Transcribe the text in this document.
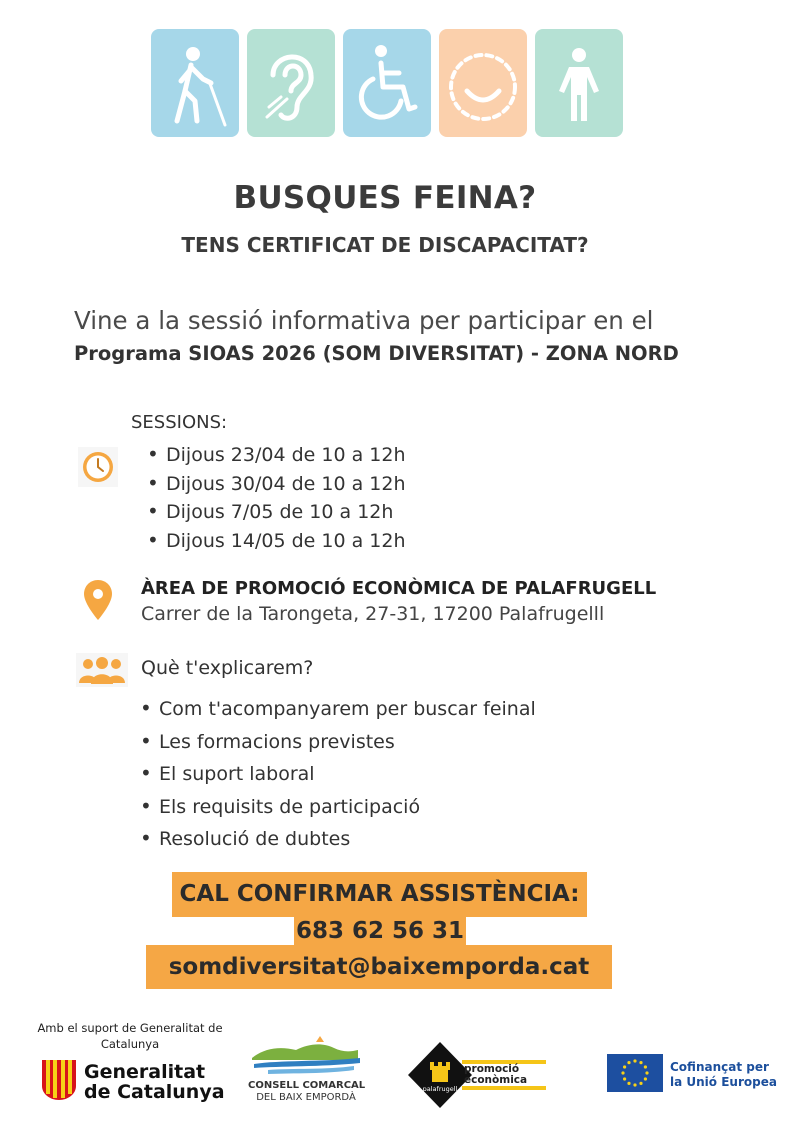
BUSQUES FEINA?
TENS CERTIFICAT DE DISCAPACITAT?
Vine a la sessió informativa per participar en el
Programa SIOAS 2026 (SOM DIVERSITAT) - ZONA NORD
SESSIONS:
• Dijous 23/04 de 10 a 12h
• Dijous 30/04 de 10 a 12h
• Dijous 7/05 de 10 a 12h
• Dijous 14/05 de 10 a 12h
ÀREA DE PROMOCIÓ ECONÒMICA DE PALAFRUGELL
Carrer de la Tarongeta, 27-31, 17200 Palafrugelll
Què t'explicarem?
• Com t'acompanyarem per buscar feinal
• Les formacions previstes
• El suport laboral
• Els requisits de participació
• Resolució de dubtes
CAL CONFIRMAR ASSISTÈNCIA:
683 62 56 31
somdiversitat@baixemporda.cat
Amb el suport de Generalitat de Catalunya
Generalitat
de Catalunya CONSELL COMARCAL
DEL BAIX EMPORDÀ
palafrugell
promoció
econòmica
Cofinançat per
la Unió Europea
